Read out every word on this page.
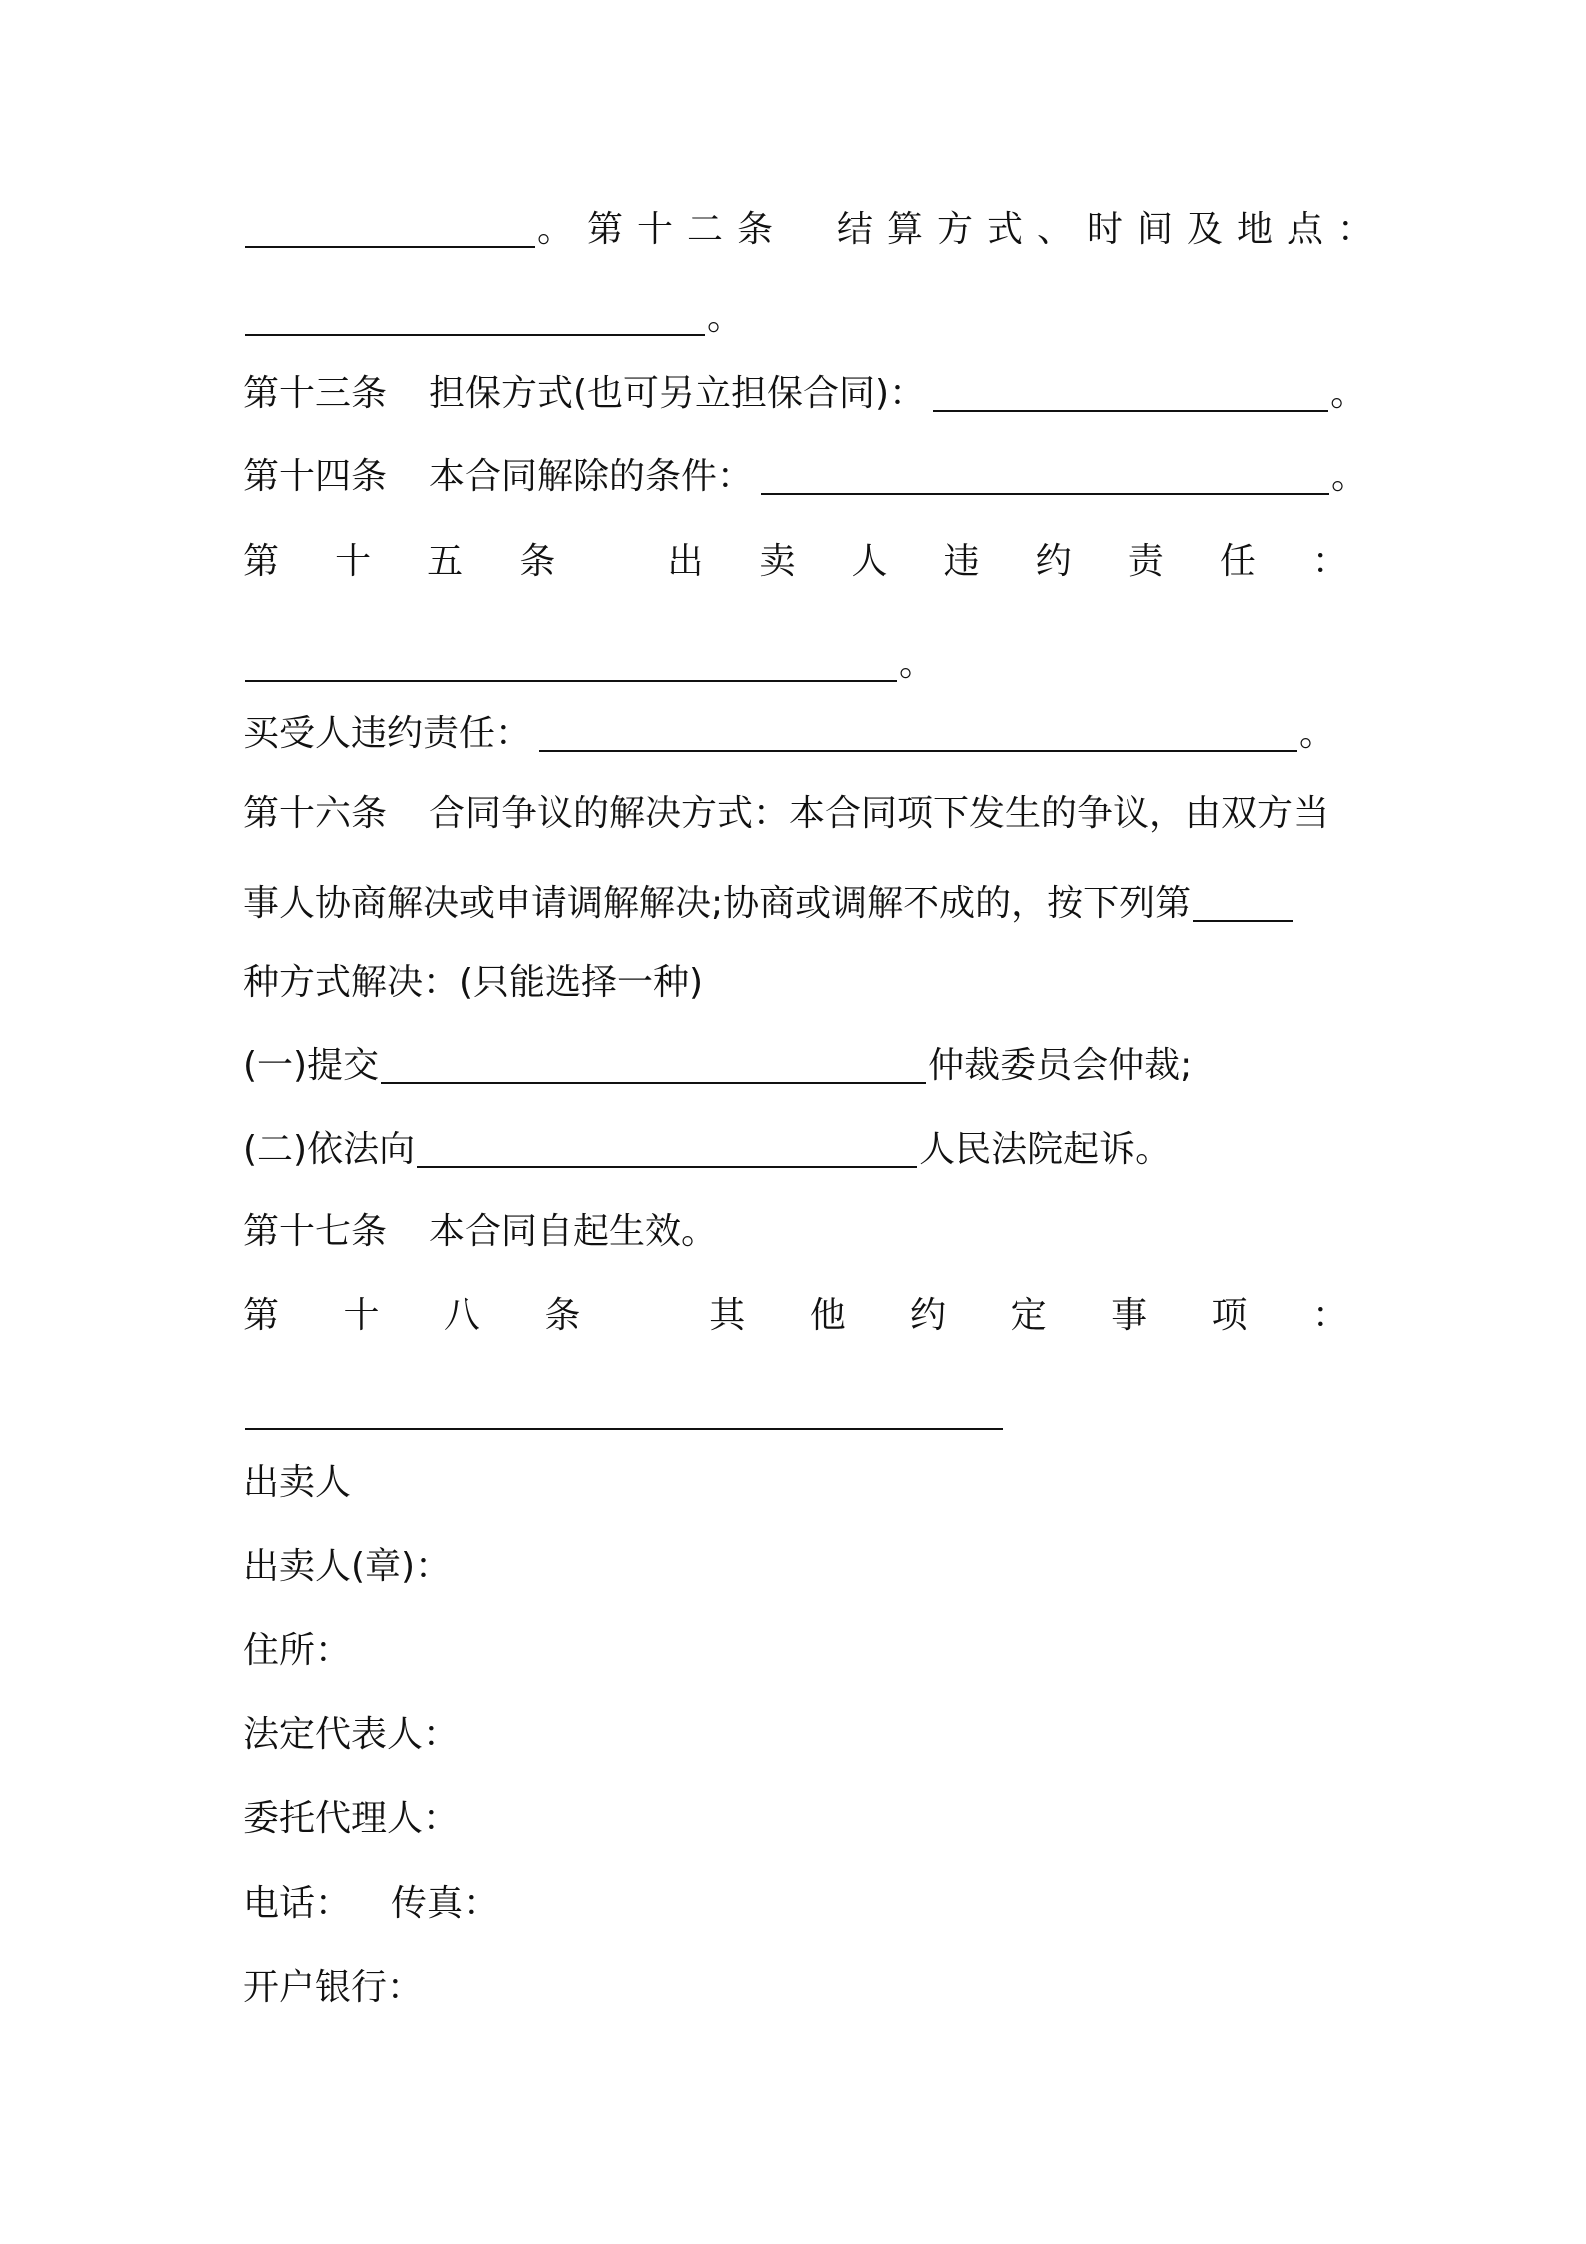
。 第十二条　结算方式、时间及地点：
。
第十三条 担保方式(也可另立担保合同)：	。
第十四条 本合同解除的条件：	。
第 十 五 条	出 卖 人 违 约 责 任 ：
。
买受人违约责任：	。
第十六条 合同争议的解决方式：本合同项下发生的争议，由双方当
事人协商解决或申请调解解决;协商或调解不成的，按下列第
种方式解决：(只能选择一种)
(一)提交	仲裁委员会仲裁;
(二)依法向	人民法院起诉。
第十七条 本合同自起生效。
第 十 八 条	其 他 约 定 事 项 ：
出卖人
出卖人(章)：
住所：
法定代表人：
委托代理人：
电话： 传真：
开户银行：
